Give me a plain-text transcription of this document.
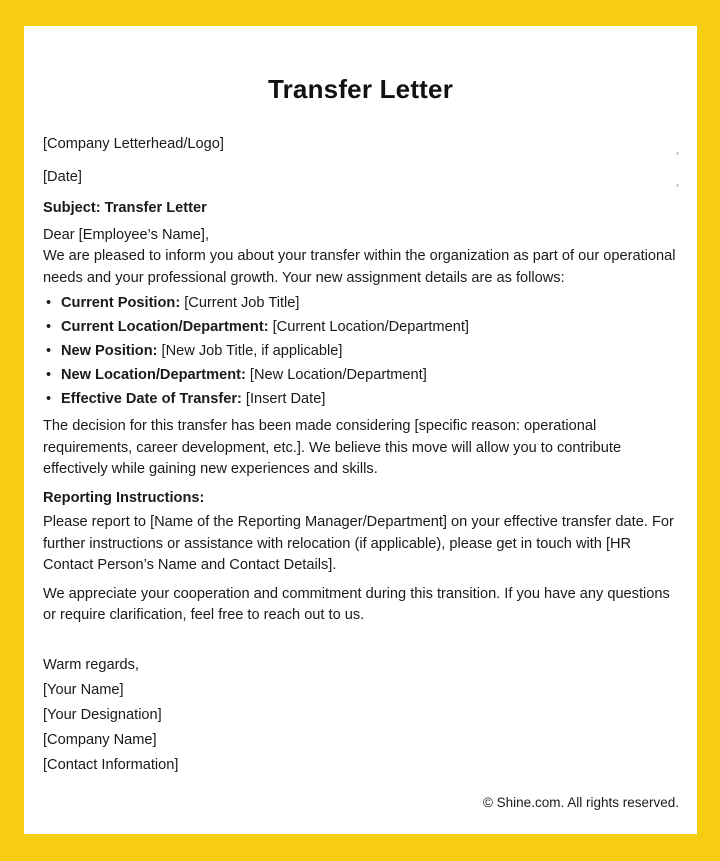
Transfer Letter

[Company Letterhead/Logo]

[Date]

Subject: Transfer Letter

Dear [Employee’s Name],

We are pleased to inform you about your transfer within the organization as part of our operational needs and your professional growth. Your new assignment details are as follows:

• Current Position: [Current Job Title]
• Current Location/Department: [Current Location/Department]
• New Position: [New Job Title, if applicable]
• New Location/Department: [New Location/Department]
• Effective Date of Transfer: [Insert Date]

The decision for this transfer has been made considering [specific reason: operational requirements, career development, etc.]. We believe this move will allow you to contribute effectively while gaining new experiences and skills.

Reporting Instructions:

Please report to [Name of the Reporting Manager/Department] on your effective transfer date. For further instructions or assistance with relocation (if applicable), please get in touch with [HR Contact Person’s Name and Contact Details].

We appreciate your cooperation and commitment during this transition. If you have any questions or require clarification, feel free to reach out to us.

Warm regards,
[Your Name]
[Your Designation]
[Company Name]
[Contact Information]
© Shine.com. All rights reserved.
